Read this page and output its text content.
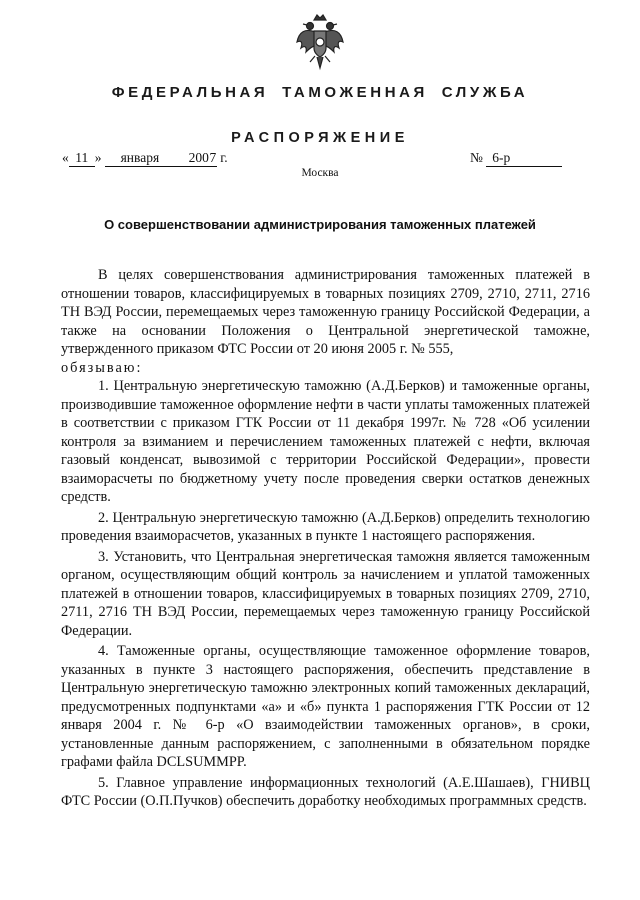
ФЕДЕРАЛЬНАЯ ТАМОЖЕННАЯ СЛУЖБА
РАСПОРЯЖЕНИЕ
« 11 » января 2007 г.	№ 6-р
Москва
О совершенствовании администрирования таможенных платежей

В целях совершенствования администрирования таможенных платежей в отношении товаров, классифицируемых в товарных позициях 2709, 2710, 2711, 2716 ТН ВЭД России, перемещаемых через таможенную границу Российской Федерации, а также на основании Положения о Центральной энергетической таможне, утвержденного приказом ФТС России от 20 июня 2005 г. № 555,

обязываю:

1. Центральную энергетическую таможню (А.Д.Берков) и таможенные органы, производившие таможенное оформление нефти в части уплаты таможенных платежей в соответствии с приказом ГТК России от 11 декабря 1997г. № 728 «Об усилении контроля за взиманием и перечислением таможенных платежей с нефти, включая газовый конденсат, вывозимой с территории Российской Федерации», провести взаиморасчеты по бюджетному учету после проведения сверки остатков денежных средств.

2. Центральную энергетическую таможню (А.Д.Берков) определить технологию проведения взаиморасчетов, указанных в пункте 1 настоящего распоряжения.

3. Установить, что Центральная энергетическая таможня является таможенным органом, осуществляющим общий контроль за начислением и уплатой таможенных платежей в отношении товаров, классифицируемых в товарных позициях 2709, 2710, 2711, 2716 ТН ВЭД России, перемещаемых через таможенную границу Российской Федерации.

4. Таможенные органы, осуществляющие таможенное оформление товаров, указанных в пункте 3 настоящего распоряжения, обеспечить представление в Центральную энергетическую таможню электронных копий таможенных деклараций, предусмотренных подпунктами «а» и «б» пункта 1 распоряжения ГТК России от 12 января 2004 г. № 6-р «О взаимодействии таможенных органов», в сроки, установленные данным распоряжением, с заполненными в обязательном порядке графами файла DCLSUMMPP.

5. Главное управление информационных технологий (А.Е.Шашаев), ГНИВЦ ФТС России (О.П.Пучков) обеспечить доработку необходимых программных средств.
